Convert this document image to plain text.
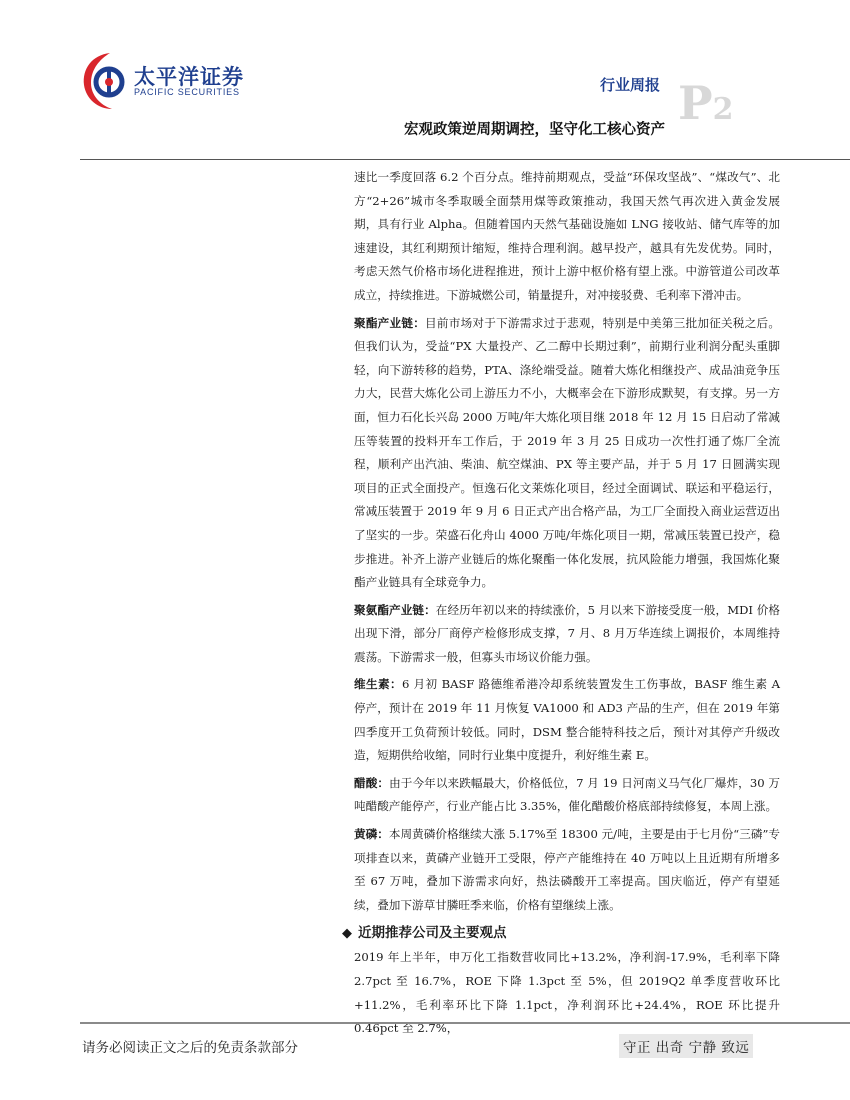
太平洋证券
PACIFIC SECURITIES	行业周报 P2
宏观政策逆周期调控，坚守化工核心资产

速比一季度回落 6.2 个百分点。维持前期观点，受益“环保攻坚战”、“煤改气”、北方“2+26”城市冬季取暖全面禁用煤等政策推动，我国天然气再次进入黄金发展期，具有行业 Alpha。但随着国内天然气基础设施如 LNG 接收站、储气库等的加速建设，其红利期预计缩短，维持合理利润。越早投产，越具有先发优势。同时，考虑天然气价格市场化进程推进，预计上游中枢价格有望上涨。中游管道公司改革成立，持续推进。下游城燃公司，销量提升，对冲接驳费、毛利率下滑冲击。

聚酯产业链：目前市场对于下游需求过于悲观，特别是中美第三批加征关税之后。但我们认为，受益“PX 大量投产、乙二醇中长期过剩”，前期行业利润分配头重脚轻，向下游转移的趋势，PTA、涤纶端受益。随着大炼化相继投产、成品油竞争压力大，民营大炼化公司上游压力不小，大概率会在下游形成默契，有支撑。另一方面，恒力石化长兴岛 2000 万吨/年大炼化项目继 2018 年 12 月 15 日启动了常减压等装置的投料开车工作后，于 2019 年 3 月 25 日成功一次性打通了炼厂全流程，顺利产出汽油、柴油、航空煤油、PX 等主要产品，并于 5 月 17 日圆满实现项目的正式全面投产。恒逸石化文莱炼化项目，经过全面调试、联运和平稳运行，常减压装置于 2019 年 9 月 6 日正式产出合格产品，为工厂全面投入商业运营迈出了坚实的一步。荣盛石化舟山 4000 万吨/年炼化项目一期，常减压装置已投产，稳步推进。补齐上游产业链后的炼化聚酯一体化发展，抗风险能力增强，我国炼化聚酯产业链具有全球竞争力。

聚氨酯产业链：在经历年初以来的持续涨价，5 月以来下游接受度一般，MDI 价格出现下滑，部分厂商停产检修形成支撑，7 月、8 月万华连续上调报价，本周维持震荡。下游需求一般，但寡头市场议价能力强。

维生素：6 月初 BASF 路德维希港冷却系统装置发生工伤事故，BASF 维生素 A 停产，预计在 2019 年 11 月恢复 VA1000 和 AD3 产品的生产，但在 2019 年第四季度开工负荷预计较低。同时，DSM 整合能特科技之后，预计对其停产升级改造，短期供给收缩，同时行业集中度提升，利好维生素 E。

醋酸：由于今年以来跌幅最大，价格低位，7 月 19 日河南义马气化厂爆炸，30 万吨醋酸产能停产，行业产能占比 3.35%，催化醋酸价格底部持续修复，本周上涨。

黄磷：本周黄磷价格继续大涨 5.17%至 18300 元/吨，主要是由于七月份“三磷”专项排查以来，黄磷产业链开工受限，停产产能维持在 40 万吨以上且近期有所增多至 67 万吨，叠加下游需求向好，热法磷酸开工率提高。国庆临近，停产有望延续，叠加下游草甘膦旺季来临，价格有望继续上涨。

◆ 近期推荐公司及主要观点

2019 年上半年，申万化工指数营收同比+13.2%，净利润-17.9%，毛利率下降 2.7pct 至 16.7%，ROE 下降 1.3pct 至 5%，但 2019Q2 单季度营收环比+11.2%，毛利率环比下降 1.1pct，净利润环比+24.4%，ROE 环比提升 0.46pct 至 2.7%，

请务必阅读正文之后的免责条款部分	守正 出奇 宁静 致远
